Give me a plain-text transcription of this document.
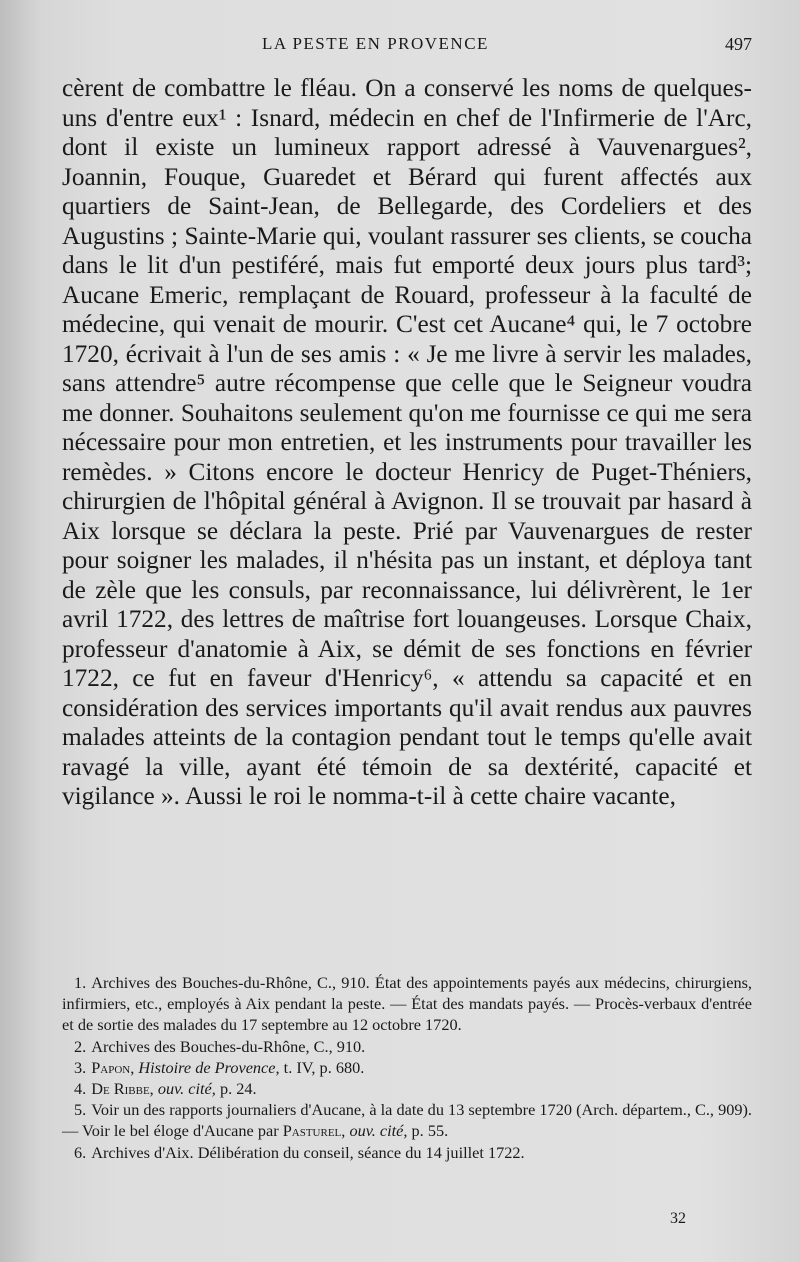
LA PESTE EN PROVENCE	497

cèrent de combattre le fléau. On a conservé les noms de quelques-uns d'entre eux¹ : Isnard, médecin en chef de l'Infirmerie de l'Arc, dont il existe un lumineux rapport adressé à Vauvenargues², Joannin, Fouque, Guaredet et Bérard qui furent affectés aux quartiers de Saint-Jean, de Bellegarde, des Cordeliers et des Augustins ; Sainte-Marie qui, voulant rassurer ses clients, se coucha dans le lit d'un pestiféré, mais fut emporté deux jours plus tard³; Aucane Emeric, remplaçant de Rouard, professeur à la faculté de médecine, qui venait de mourir. C'est cet Aucane⁴ qui, le 7 octobre 1720, écrivait à l'un de ses amis : « Je me livre à servir les malades, sans attendre⁵ autre récompense que celle que le Seigneur voudra me donner. Souhaitons seulement qu'on me fournisse ce qui me sera nécessaire pour mon entretien, et les instruments pour travailler les remèdes. » Citons encore le docteur Henricy de Puget-Théniers, chirurgien de l'hôpital général à Avignon. Il se trouvait par hasard à Aix lorsque se déclara la peste. Prié par Vauvenargues de rester pour soigner les malades, il n'hésita pas un instant, et déploya tant de zèle que les consuls, par reconnaissance, lui délivrèrent, le 1er avril 1722, des lettres de maîtrise fort louangeuses. Lorsque Chaix, professeur d'anatomie à Aix, se démit de ses fonctions en février 1722, ce fut en faveur d'Henricy⁶, « attendu sa capacité et en considération des services importants qu'il avait rendus aux pauvres malades atteints de la contagion pendant tout le temps qu'elle avait ravagé la ville, ayant été témoin de sa dextérité, capacité et vigilance ». Aussi le roi le nomma-t-il à cette chaire vacante,

1. Archives des Bouches-du-Rhône, C., 910. État des appointements payés aux médecins, chirurgiens, infirmiers, etc., employés à Aix pendant la peste. — État des mandats payés. — Procès-verbaux d'entrée et de sortie des malades du 17 septembre au 12 octobre 1720.

2. Archives des Bouches-du-Rhône, C., 910.

3. Papon, Histoire de Provence, t. IV, p. 680.

4. De Ribbe, ouv. cité, p. 24.

5. Voir un des rapports journaliers d'Aucane, à la date du 13 septembre 1720 (Arch. départem., C., 909). — Voir le bel éloge d'Aucane par Pasturel, ouv. cité, p. 55.

6. Archives d'Aix. Délibération du conseil, séance du 14 juillet 1722.

32
